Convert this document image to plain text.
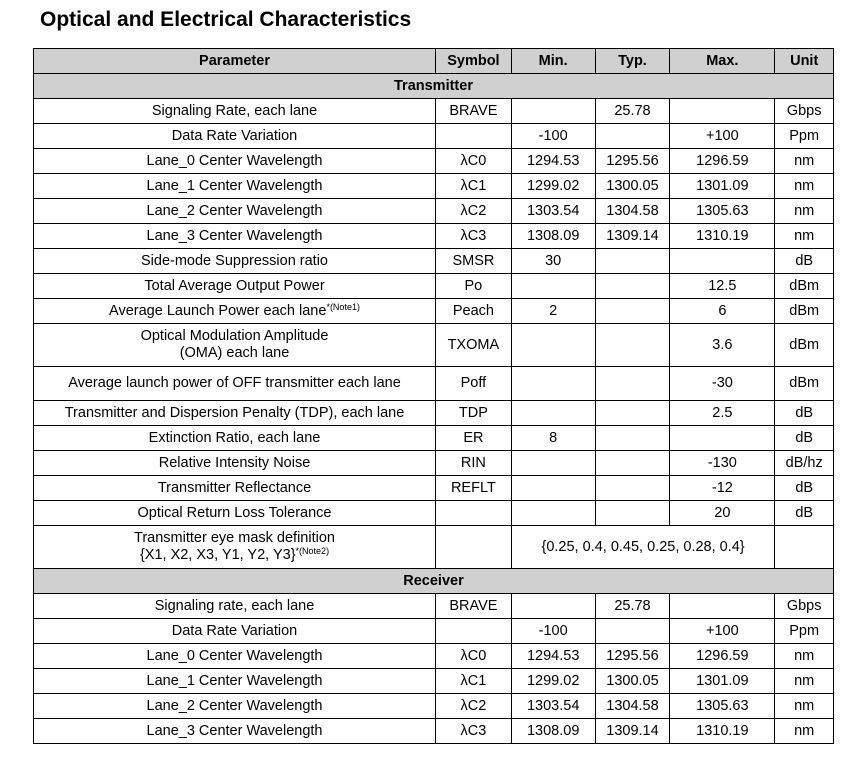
Optical and Electrical Characteristics
Parameter	Symbol	Min.	Typ.	Max.	Unit
Transmitter					
Signaling Rate, each lane	BRAVE		25.78		Gbps
Data Rate Variation		-100		+100	Ppm
Lane_0 Center Wavelength	λC0	1294.53	1295.56	1296.59	nm
Lane_1 Center Wavelength	λC1	1299.02	1300.05	1301.09	nm
Lane_2 Center Wavelength	λC2	1303.54	1304.58	1305.63	nm
Lane_3 Center Wavelength	λC3	1308.09	1309.14	1310.19	nm
Side-mode Suppression ratio	SMSR	30			dB
Total Average Output Power	Po			12.5	dBm
Average Launch Power each lane$^{*(Note1)}$	Peach	2		6	dBm

Optical Modulation Amplitude
(OMA) each lane	TXOMA			3.6	dBm
Average launch power of OFF transmitter each lane	Poff			-30	dBm
Transmitter and Dispersion Penalty (TDP), each lane	TDP			2.5	dB
Extinction Ratio, each lane	ER	8			dB
Relative Intensity Noise	RIN			-130	dB/hz
Transmitter Reflectance	REFLT			-12	dB
Optical Return Loss Tolerance				20	dB

Transmitter eye mask definition
{X1, X2, X3, Y1, Y2, Y3}$^{*(Note2)}$		{0.25, 0.4, 0.45, 0.25, 0.28, 0.4}			
Receiver					
Signaling rate, each lane	BRAVE		25.78		Gbps
Data Rate Variation		-100		+100	Ppm
Lane_0 Center Wavelength	λC0	1294.53	1295.56	1296.59	nm
Lane_1 Center Wavelength	λC1	1299.02	1300.05	1301.09	nm
Lane_2 Center Wavelength	λC2	1303.54	1304.58	1305.63	nm
Lane_3 Center Wavelength	λC3	1308.09	1309.14	1310.19	nm
